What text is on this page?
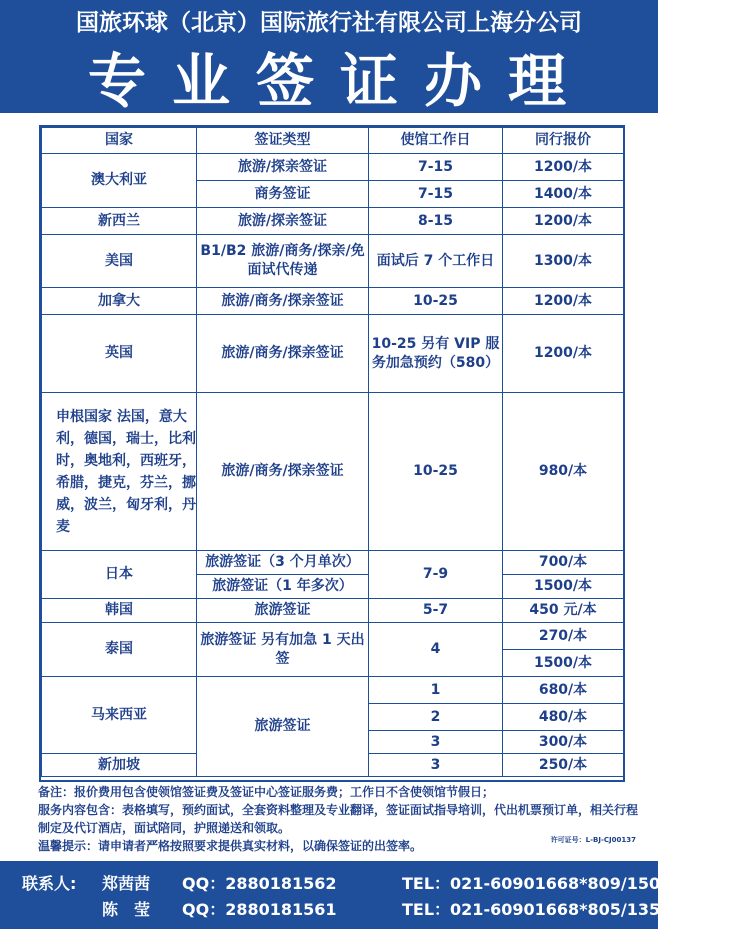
国旅环球（北京）国际旅行社有限公司上海分公司
专业签证办理
国家	签证类型	使馆工作日	同行报价
澳大利亚	旅游/探亲签证	7-15	1200/本
	商务签证	7-15	1400/本
新西兰	旅游/探亲签证	8-15	1200/本
美国	B1/B2 旅游/商务/探亲/免面试代传递	面试后 7 个工作日	1300/本
加拿大	旅游/商务/探亲签证	10-25	1200/本
英国	旅游/商务/探亲签证	10-25 另有 VIP 服务加急预约（580）	1200/本
申根国家 法国，意大利，德国，瑞士，比利时，奥地利，西班牙，希腊，捷克，芬兰，挪威，波兰，匈牙利，丹麦	旅游/商务/探亲签证	10-25	980/本
日本	旅游签证（3 个月单次）	7-9	700/本
	旅游签证（1 年多次）		1500/本
韩国	旅游签证	5-7	450 元/本
泰国	旅游签证 另有加急 1 天出签	4	270/本
			1500/本
马来西亚	旅游签证	1	680/本
		2	480/本
		3	300/本
新加坡		3	250/本
备注：报价费用包含使领馆签证费及签证中心签证服务费；工作日不含使领馆节假日；
服务内容包含：表格填写，预约面试，全套资料整理及专业翻译，签证面试指导培训，代出机票预订单，相关行程制定及代订酒店，面试陪同，护照递送和领取。
温馨提示：请申请者严格按照要求提供真实材料，以确保签证的出签率。	许可证号：L-BJ-CJ00137
联系人: 郑茜茜 QQ：2880181562	TEL：021-60901668*809/15026628975
陈　莹 QQ：2880181561	TEL：021-60901668*805/13524815753
